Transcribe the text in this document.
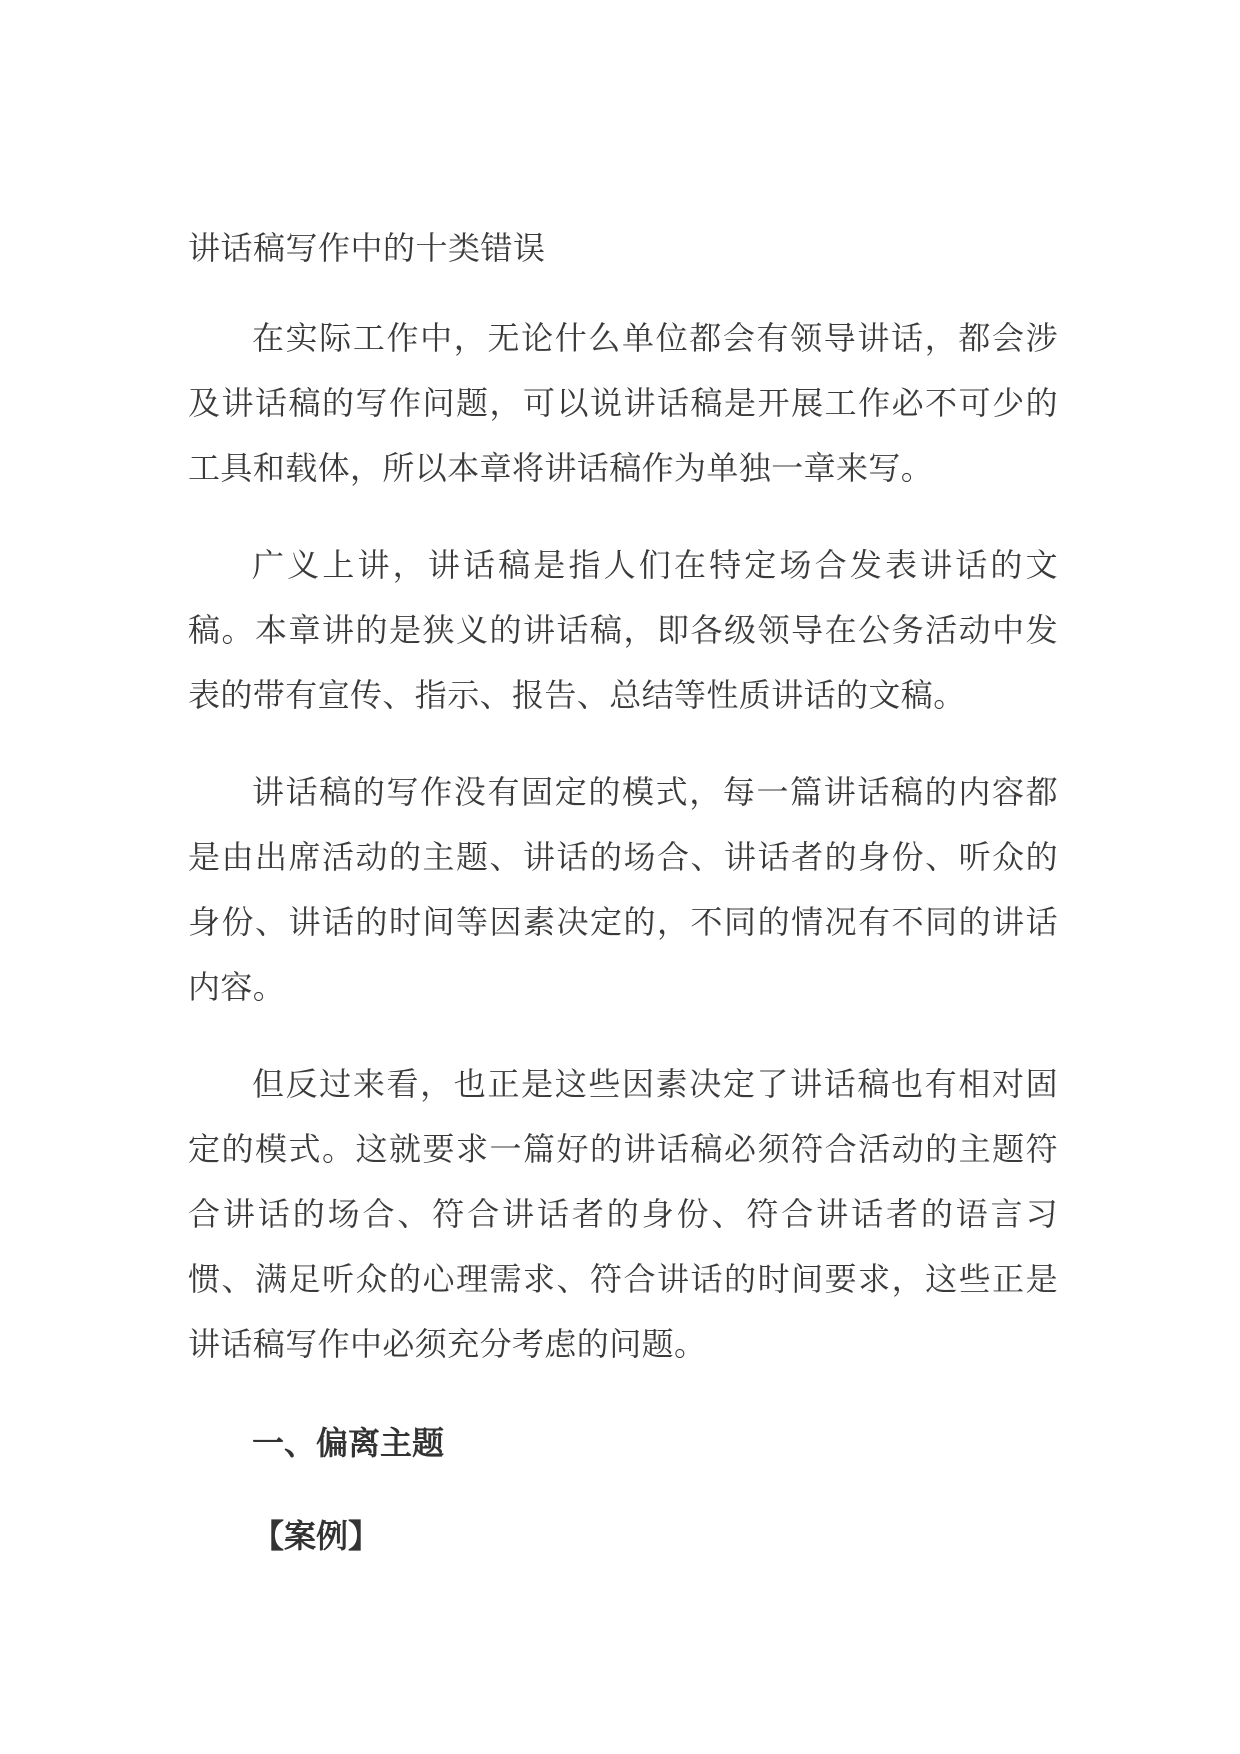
讲话稿写作中的十类错误

在实际工作中，无论什么单位都会有领导讲话，都会涉及讲话稿的写作问题，可以说讲话稿是开展工作必不可少的工具和载体，所以本章将讲话稿作为单独一章来写。

广义上讲，讲话稿是指人们在特定场合发表讲话的文稿。本章讲的是狭义的讲话稿，即各级领导在公务活动中发表的带有宣传、指示、报告、总结等性质讲话的文稿。

讲话稿的写作没有固定的模式，每一篇讲话稿的内容都是由出席活动的主题、讲话的场合、讲话者的身份、听众的身份、讲话的时间等因素决定的，不同的情况有不同的讲话内容。

但反过来看，也正是这些因素决定了讲话稿也有相对固定的模式。这就要求一篇好的讲话稿必须符合活动的主题符合讲话的场合、符合讲话者的身份、符合讲话者的语言习惯、满足听众的心理需求、符合讲话的时间要求，这些正是讲话稿写作中必须充分考虑的问题。

一、偏离主题

【案例】
